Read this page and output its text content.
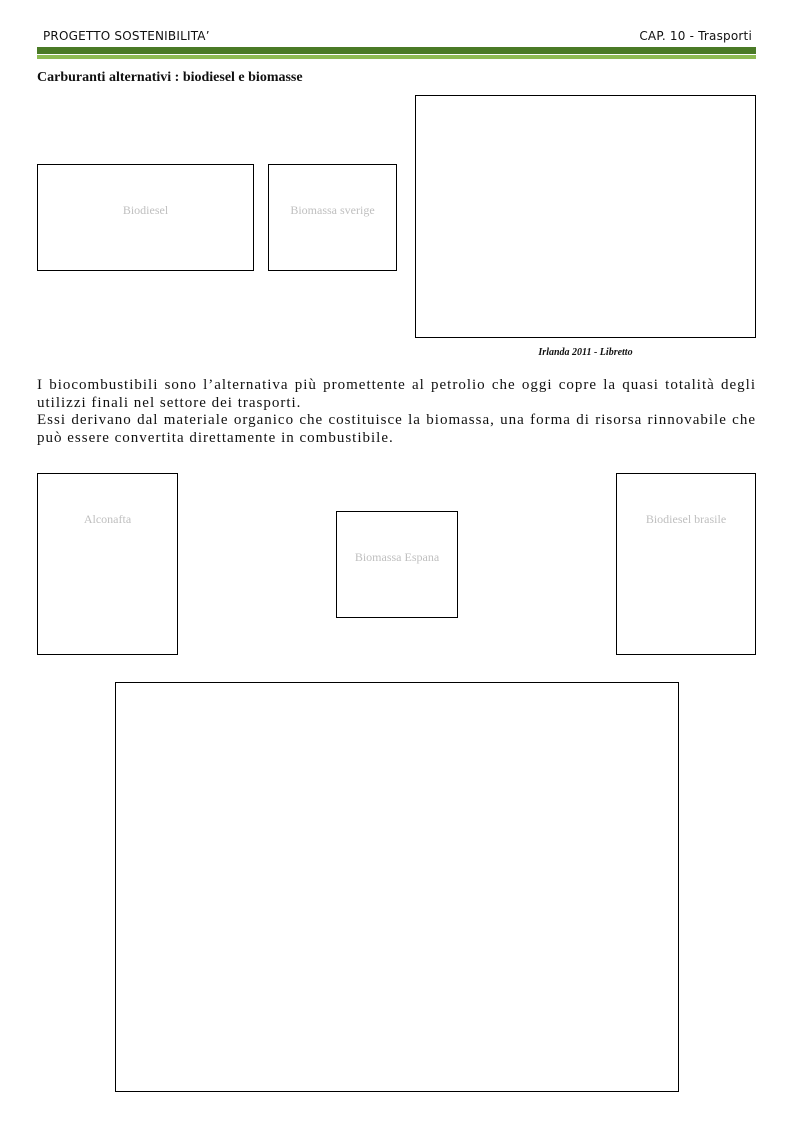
PROGETTO SOSTENIBILITA’	CAP. 10 - Trasporti
Carburanti alternativi : biodiesel e biomasse
Biodiesel	Biomassa sverige
Irlanda 2011 - Libretto

I biocombustibili sono l’alternativa più promettente al petrolio che oggi copre la quasi totalità degli utilizzi finali nel settore dei trasporti.

Essi derivano dal materiale organico che costituisce la biomassa, una forma di risorsa rinnovabile che può essere convertita direttamente in combustibile.

Alconafta
Biomassa Espana
Biodiesel brasile
